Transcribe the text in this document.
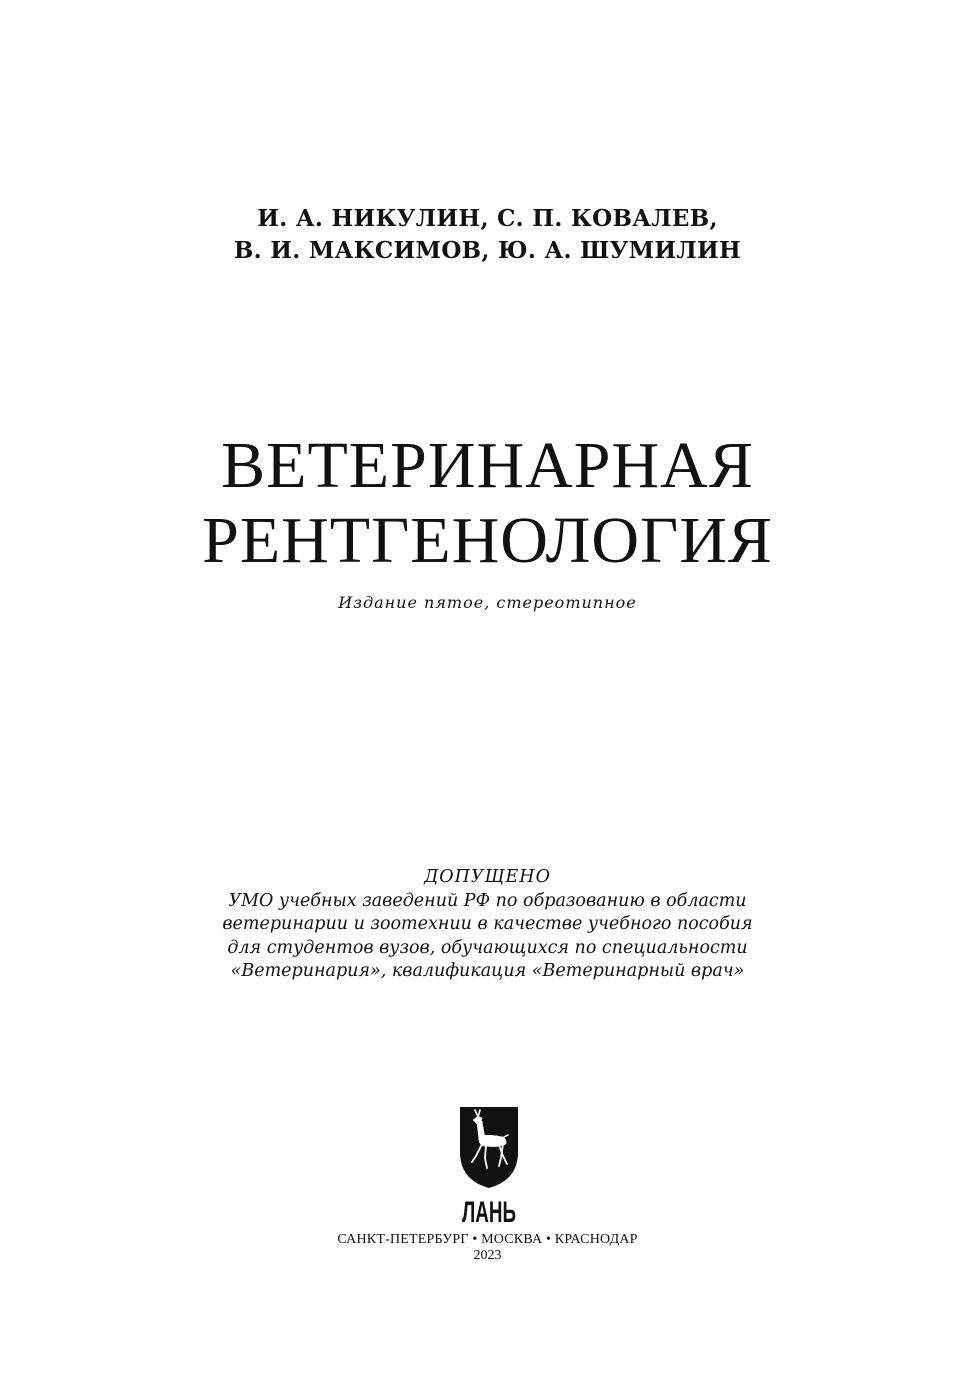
И. А. НИКУЛИН, С. П. КОВАЛЕВ,
В. И. МАКСИМОВ, Ю. А. ШУМИЛИН
ВЕТЕРИНАРНАЯ
РЕНТГЕНОЛОГИЯ
Издание пятое, стереотипное
ДОПУЩЕНО
УМО учебных заведений РФ по образованию в области
ветеринарии и зоотехнии в качестве учебного пособия
для студентов вузов, обучающихся по специальности
«Ветеринария», квалификация «Ветеринарный врач»
ЛАНЬ
САНКТ-ПЕТЕРБУРГ • МОСКВА • КРАСНОДАР
2023
